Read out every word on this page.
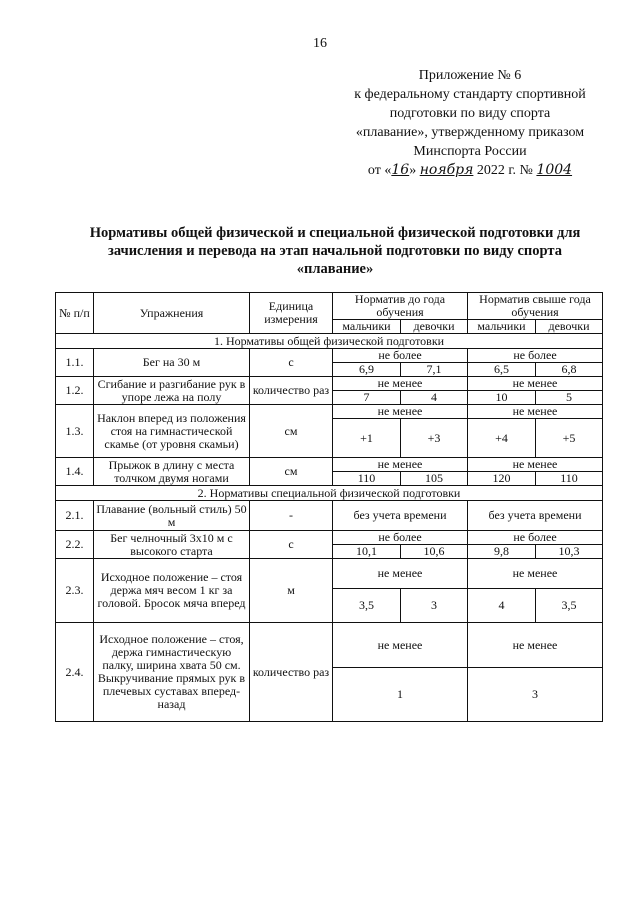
16
Приложение № 6
к федеральному стандарту спортивной
подготовки по виду спорта
«плавание», утвержденному приказом
Минспорта России
от «16» ноября 2022 г. № 1004
Нормативы общей физической и специальной физической подготовки для зачисления и перевода на этап начальной подготовки по виду спорта «плавание»
№ п/п	Упражнения	Единица измерения	Норматив до года обучения		Норматив свыше года обучения	
			мальчики	девочки	мальчики	девочки
1. Нормативы общей физической подготовки						
1.1.	Бег на 30 м	с	не более		не более	
			6,9	7,1	6,5	6,8
1.2.	Сгибание и разгибание рук в упоре лежа на полу	количество раз	не менее		не менее	
			7	4	10	5
1.3.	Наклон вперед из положения стоя на гимнастической скамье (от уровня скамьи)	см	не менее		не менее	
			+1	+3	+4	+5
1.4.	Прыжок в длину с места толчком двумя ногами	см	не менее		не менее	
			110	105	120	110
2. Нормативы специальной физической подготовки						
2.1.	Плавание (вольный стиль) 50 м	-	без учета времени		без учета времени	
2.2.	Бег челночный 3х10 м с высокого старта	с	не более		не более	
			10,1	10,6	9,8	10,3
2.3.	Исходное положение – стоя держа мяч весом 1 кг за головой. Бросок мяча вперед	м	не менее		не менее	
			3,5	3	4	3,5
2.4.	Исходное положение – стоя, держа гимнастическую палку, ширина хвата 50 см. Выкручивание прямых рук в плечевых суставах вперед-назад	количество раз	не менее		не менее	
			1		3	
